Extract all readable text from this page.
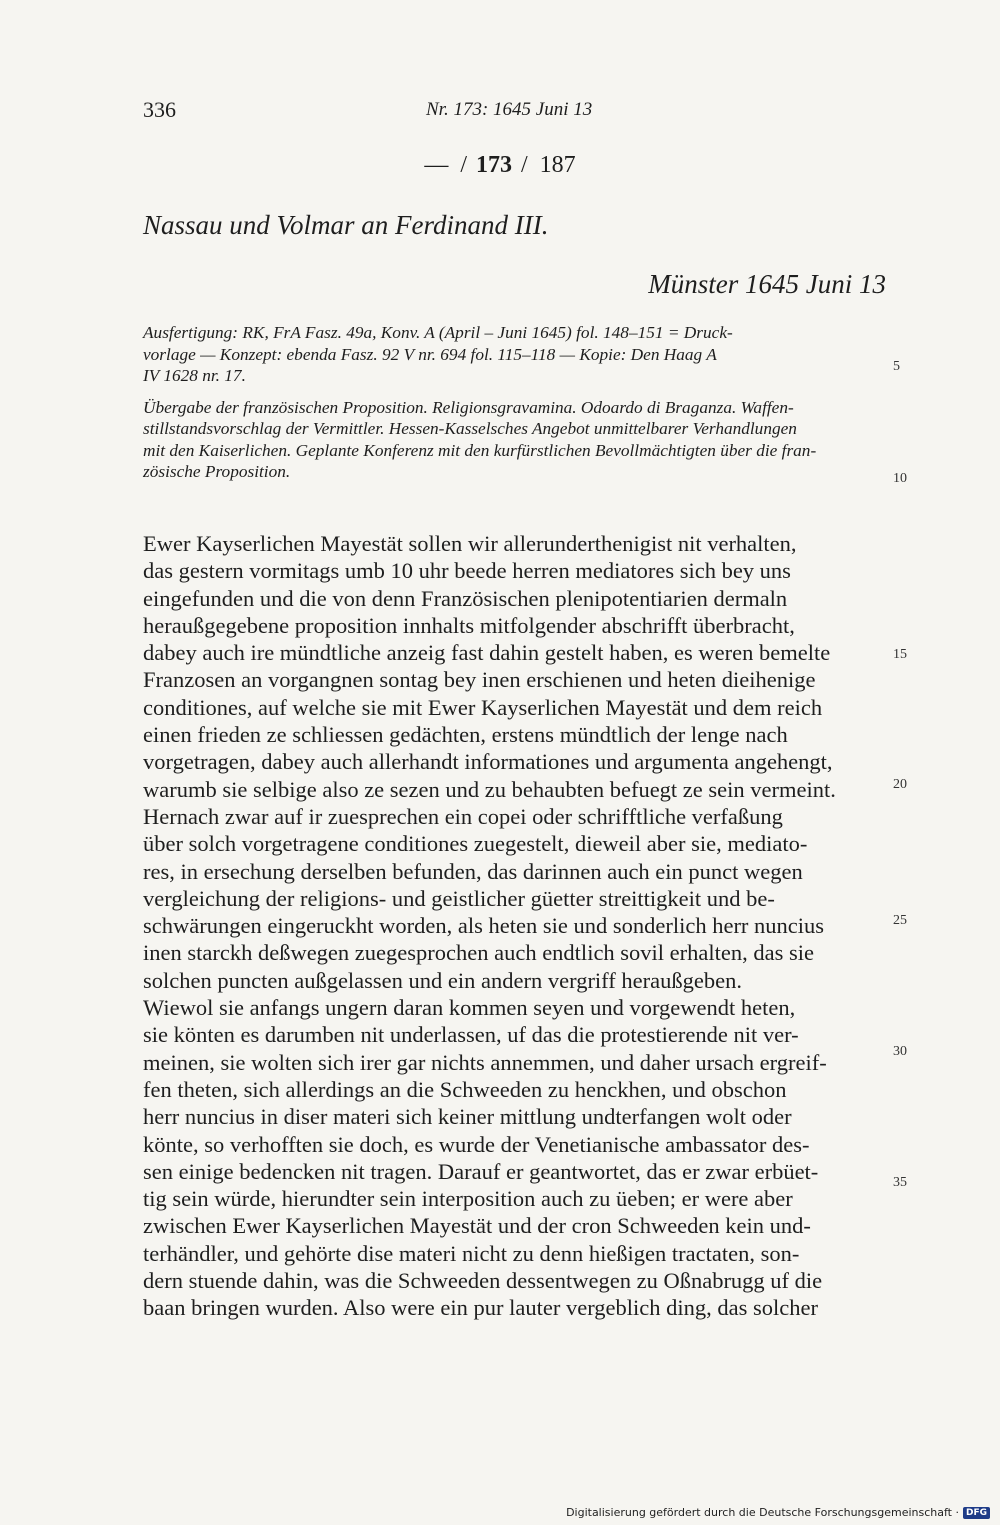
336	Nr. 173: 1645 Juni 13
— / 173 / 187
Nassau und Volmar an Ferdinand III.
Münster 1645 Juni 13
Ausfertigung: RK, FrA Fasz. 49a, Konv. A (April – Juni 1645) fol. 148–151 = Druck-
vorlage — Konzept: ebenda Fasz. 92 V nr. 694 fol. 115–118 — Kopie: Den Haag A
IV 1628 nr. 17.
Übergabe der französischen Proposition. Religionsgravamina. Odoardo di Braganza. Waffen-
stillstandsvorschlag der Vermittler. Hessen-Kasselsches Angebot unmittelbarer Verhandlungen
mit den Kaiserlichen. Geplante Konferenz mit den kurfürstlichen Bevollmächtigten über die fran-
zösische Proposition.
Ewer Kayserlichen Mayestät sollen wir allerunderthenigist nit verhalten,
das gestern vormitags umb 10 uhr beede herren mediatores sich bey uns
eingefunden und die von denn Französischen plenipotentiarien dermaln
heraußgegebene proposition innhalts mitfolgender abschrifft überbracht,
dabey auch ire mündtliche anzeig fast dahin gestelt haben, es weren bemelte
Franzosen an vorgangnen sontag bey inen erschienen und heten dieihenige
conditiones, auf welche sie mit Ewer Kayserlichen Mayestät und dem reich
einen frieden ze schliessen gedächten, erstens mündtlich der lenge nach
vorgetragen, dabey auch allerhandt informationes und argumenta angehengt,
warumb sie selbige also ze sezen und zu behaubten befuegt ze sein vermeint.
Hernach zwar auf ir zuesprechen ein copei oder schrifftliche verfaßung
über solch vorgetragene conditiones zuegestelt, dieweil aber sie, mediato-
res, in ersechung derselben befunden, das darinnen auch ein punct wegen
vergleichung der religions- und geistlicher güetter streittigkeit und be-
schwärungen eingeruckht worden, als heten sie und sonderlich herr nuncius
inen starckh deßwegen zuegesprochen auch endtlich sovil erhalten, das sie
solchen puncten außgelassen und ein andern vergriff heraußgeben.
Wiewol sie anfangs ungern daran kommen seyen und vorgewendt heten,
sie könten es darumben nit underlassen, uf das die protestierende nit ver-
meinen, sie wolten sich irer gar nichts annemmen, und daher ursach ergreif-
fen theten, sich allerdings an die Schweeden zu henckhen, und obschon
herr nuncius in diser materi sich keiner mittlung undterfangen wolt oder
könte, so verhofften sie doch, es wurde der Venetianische ambassator des-
sen einige bedencken nit tragen. Darauf er geantwortet, das er zwar erbüet-
tig sein würde, hierundter sein interposition auch zu üeben; er were aber
zwischen Ewer Kayserlichen Mayestät und der cron Schweeden kein und-
terhändler, und gehörte dise materi nicht zu denn hießigen tractaten, son-
dern stuende dahin, was die Schweeden dessentwegen zu Oßnabrugg uf die
baan bringen wurden. Also were ein pur lauter vergeblich ding, das solcher
5
10
15
20
25
30
35
Digitalisierung gefördert durch die Deutsche Forschungsgemeinschaft · DFG
